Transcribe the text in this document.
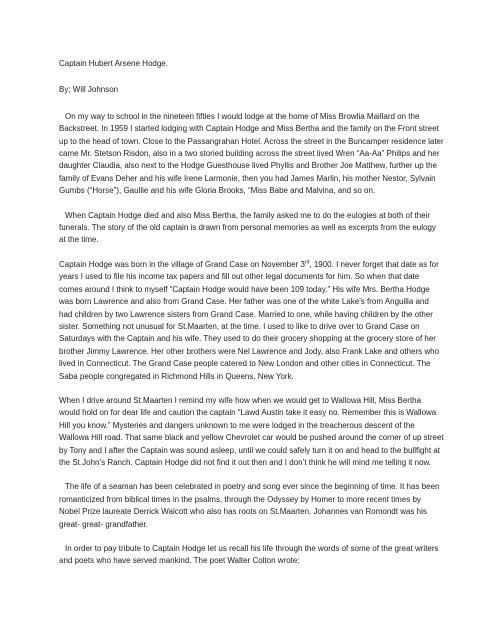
Captain Hubert Arsene Hodge.
By; Will Johnson

On my way to school in the nineteen fifties I would lodge at the home of Miss Browlia Maillard on the Backstreet. In 1959 I started lodging with Captain Hodge and Miss Bertha and the family on the Front street up to the head of town. Close to the Passangrahan Hotel. Across the street in the Buncamper residence later came Mr. Stetson Risdon, also in a two storied building across the street lived Wren “Aa-Aa” Philips and her daughter Claudia, also next to the Hodge Guesthouse lived Phyllis and Brother Joe Matthew, further up the family of Evans Deher and his wife Irene Larmonie, then you had James Marlin, his mother Nestor, Sylvain Gumbs (“Horse”), Gaullie and his wife Gloria Brooks, “Miss Babe and Malvina, and so on.

When Captain Hodge died and also Miss Bertha, the family asked me to do the eulogies at both of their funerals. The story of the old captain is drawn from personal memories as well as excerpts from the eulogy at the time.

Captain Hodge was born in the village of Grand Case on November 3rd, 1900. I never forget that date as for years I used to file his income tax papers and fill out other legal documents for him. So when that date comes around I think to myself “Captain Hodge would have been 109 today.” His wife Mrs. Bertha Hodge was born Lawrence and also from Grand Case. Her father was one of the white Lake’s from Anguilla and had children by two Lawrence sisters from Grand Case. Married to one, while having children by the other sister. Something not unusual for St.Maarten, at the time. I used to like to drive over to Grand Case on Saturdays with the Captain and his wife. They used to do their grocery shopping at the grocery store of her brother Jimmy Lawrence. Her other brothers were Nel Lawrence and Jody, also Frank Lake and others who lived in Connecticut. The Grand Case people catered to New London and other cities in Connecticut. The Saba people congregated in Richmond Hills in Queens, New York.

When I drive around St.Maarten I remind my wife how when we would get to Wallowa Hill, Miss Bertha would hold on for dear life and caution the captain “Lawd Austin take it easy no. Remember this is Wallowa Hill you know.” Mysteries and dangers unknown to me were lodged in the treacherous descent of the Wallowa Hill road. That same black and yellow Chevrolet car would be pushed around the corner of up street by Tony and I after the Captain was sound asleep, until we could safely turn it on and head to the bullfight at the St.John’s Ranch. Captain Hodge did not find it out then and I don’t think he will mind me telling it now.

The life of a seaman has been celebrated in poetry and song ever since the beginning of time. It has been romanticized from biblical times in the psalms, through the Odyssey by Homer to more recent times by Nobel Prize laureate Derrick Walcott who also has roots on St.Maarten. Johannes van Romondt was his great- great- grandfather.

In order to pay tribute to Captain Hodge let us recall his life through the words of some of the great writers and poets who have served mankind. The poet Walter Colton wrote:
